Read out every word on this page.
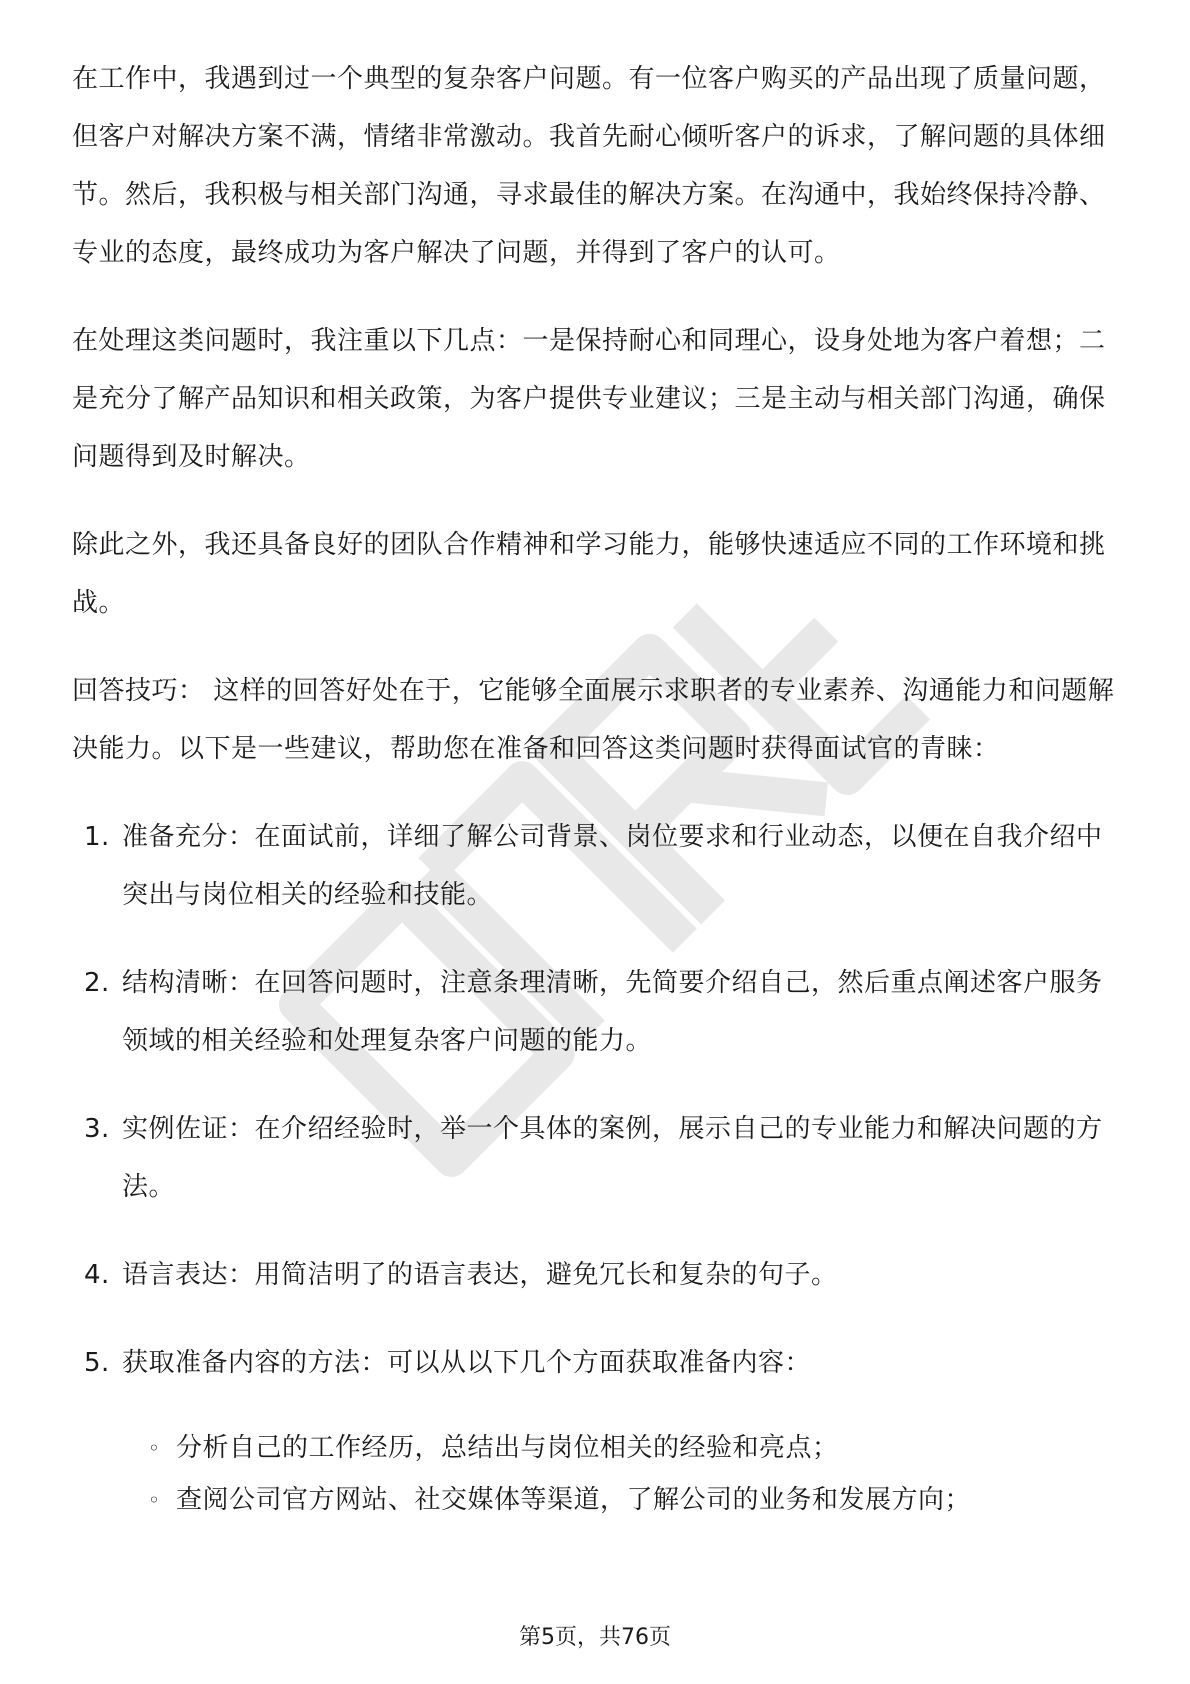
在工作中，我遇到过一个典型的复杂客户问题。有一位客户购买的产品出现了质量问题，但客户对解决方案不满，情绪非常激动。我首先耐心倾听客户的诉求，了解问题的具体细节。然后，我积极与相关部门沟通，寻求最佳的解决方案。在沟通中，我始终保持冷静、专业的态度，最终成功为客户解决了问题，并得到了客户的认可。

在处理这类问题时，我注重以下几点：一是保持耐心和同理心，设身处地为客户着想；二是充分了解产品知识和相关政策，为客户提供专业建议；三是主动与相关部门沟通，确保问题得到及时解决。

除此之外，我还具备良好的团队合作精神和学习能力，能够快速适应不同的工作环境和挑战。

回答技巧： 这样的回答好处在于，它能够全面展示求职者的专业素养、沟通能力和问题解决能力。以下是一些建议，帮助您在准备和回答这类问题时获得面试官的青睐：

1. 准备充分：在面试前，详细了解公司背景、岗位要求和行业动态，以便在自我介绍中突出与岗位相关的经验和技能。
2. 结构清晰：在回答问题时，注意条理清晰，先简要介绍自己，然后重点阐述客户服务领域的相关经验和处理复杂客户问题的能力。
3. 实例佐证：在介绍经验时，举一个具体的案例，展示自己的专业能力和解决问题的方法。
4. 语言表达：用简洁明了的语言表达，避免冗长和复杂的句子。
5. 获取准备内容的方法：可以从以下几个方面获取准备内容：
◦ 分析自己的工作经历，总结出与岗位相关的经验和亮点；
◦ 查阅公司官方网站、社交媒体等渠道，了解公司的业务和发展方向；
第5页，共76页
